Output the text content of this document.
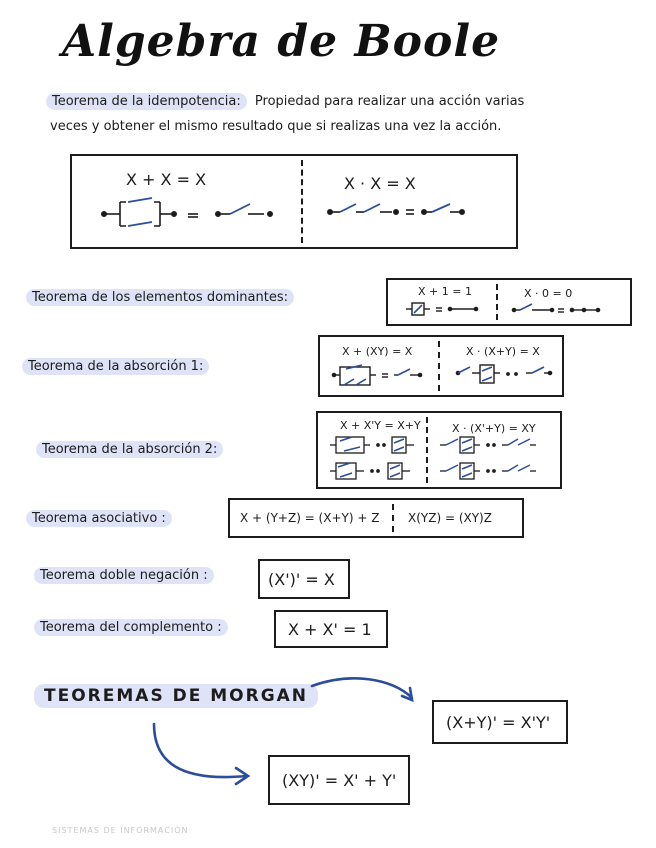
Algebra de Boole
Teorema de la idempotencia: Propiedad para realizar una acción varias
veces y obtener el mismo resultado que si realizas una vez la acción.
X + X = X	X · X = X
Teorema de los elementos dominantes:	X + 1 = 1	X · 0 = 0
Teorema de la absorción 1:
X + (XY) = X	X · (X+Y) = X
Teorema de la absorción 2:
X + X'Y = X+Y	X · (X'+Y) = XY
Teorema asociativo :	X + (Y+Z) = (X+Y) + Z X(YZ) = (XY)Z
Teorema doble negación :	(X')' = X
Teorema del complemento :	X + X' = 1
TEOREMAS DE MORGAN
(X+Y)' = X'Y'
(XY)' = X' + Y'
SISTEMAS DE INFORMACIÓN
